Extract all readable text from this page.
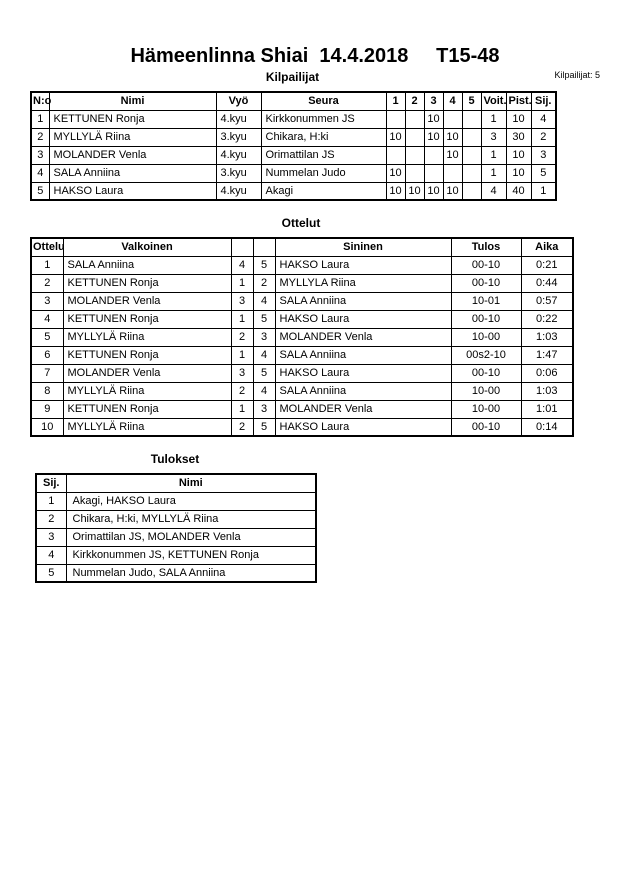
Hämeenlinna Shiai  14.4.2018     T15-48
Kilpailijat: 5
Kilpailijat
N:o	Nimi	Vyö	Seura	1	2	3	4	5	Voit.	Pist.	Sij.
1	KETTUNEN Ronja	4.kyu	Kirkkonummen JS			10			1	10	4
2	MYLLYLÄ Riina	3.kyu	Chikara, H:ki	10		10	10		3	30	2
3	MOLANDER Venla	4.kyu	Orimattilan JS				10		1	10	3
4	SALA Anniina	3.kyu	Nummelan Judo	10					1	10	5
5	HAKSO Laura	4.kyu	Akagi	10	10	10	10		4	40	1
Ottelut
Ottelu	Valkoinen			Sininen	Tulos	Aika
1	SALA Anniina	4	5	HAKSO Laura	00-10	0:21
2	KETTUNEN Ronja	1	2	MYLLYLA Riina	00-10	0:44
3	MOLANDER Venla	3	4	SALA Anniina	10-01	0:57
4	KETTUNEN Ronja	1	5	HAKSO Laura	00-10	0:22
5	MYLLYLÄ Riina	2	3	MOLANDER Venla	10-00	1:03
6	KETTUNEN Ronja	1	4	SALA Anniina	00s2-10	1:47
7	MOLANDER Venla	3	5	HAKSO Laura	00-10	0:06
8	MYLLYLÄ Riina	2	4	SALA Anniina	10-00	1:03
9	KETTUNEN Ronja	1	3	MOLANDER Venla	10-00	1:01
10	MYLLYLÄ Riina	2	5	HAKSO Laura	00-10	0:14
Tulokset
Sij.	Nimi
1	Akagi, HAKSO Laura
2	Chikara, H:ki, MYLLYLÄ Riina
3	Orimattilan JS, MOLANDER Venla
4	Kirkkonummen JS, KETTUNEN Ronja
5	Nummelan Judo, SALA Anniina
